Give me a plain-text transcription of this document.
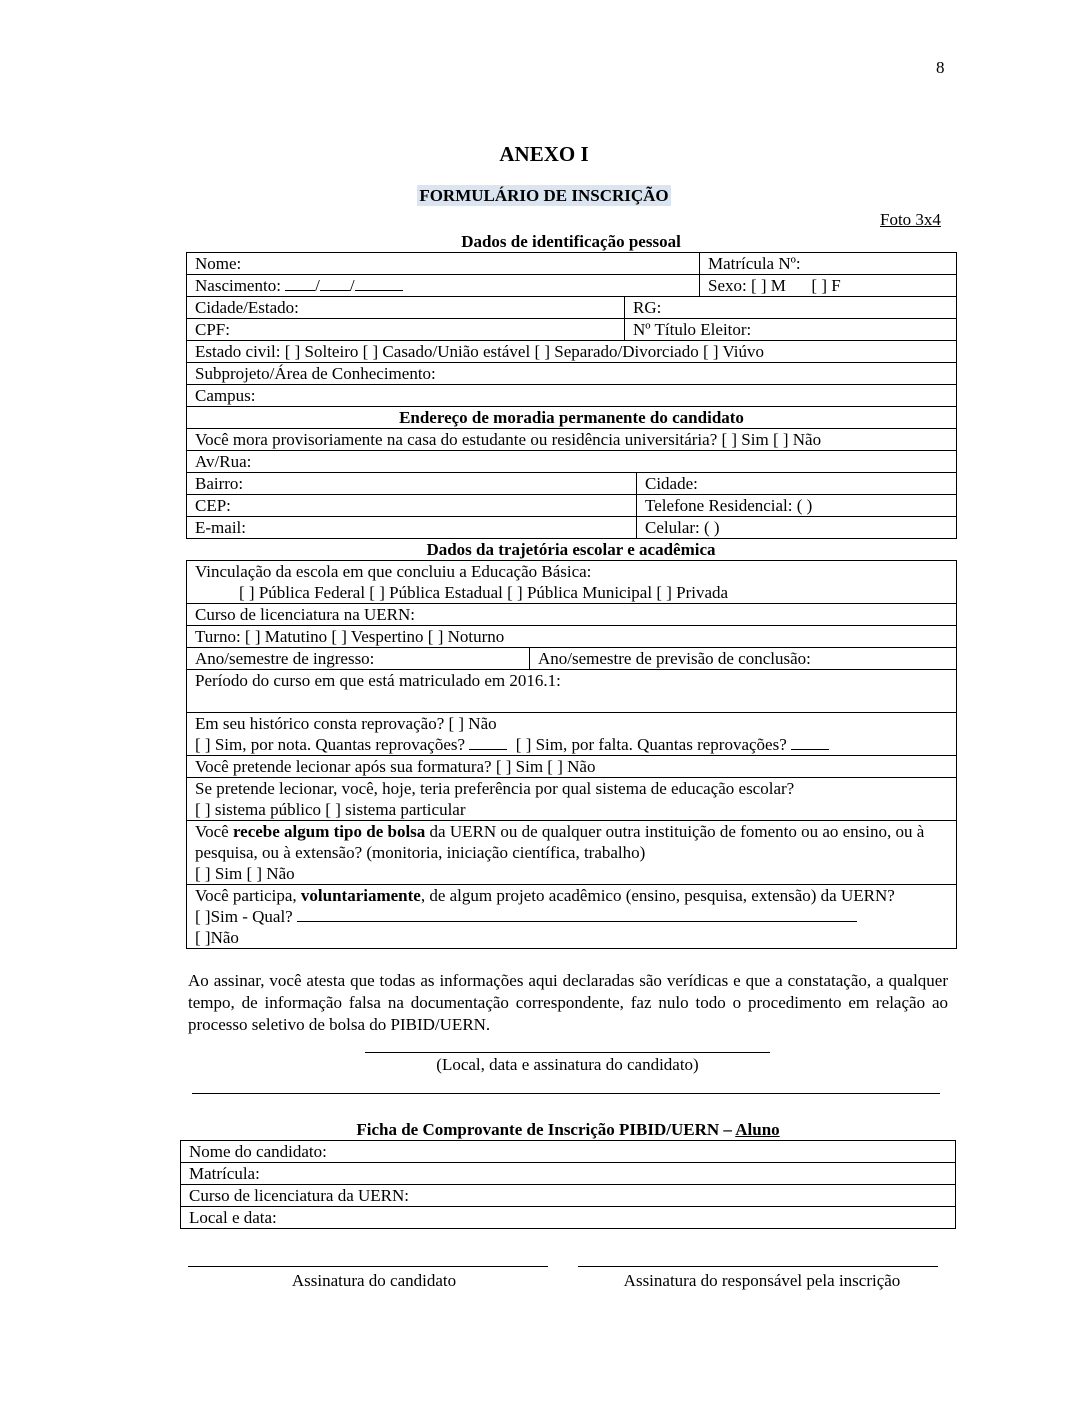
8
ANEXO I
FORMULÁRIO DE INSCRIÇÃO
Foto 3x4
Dados de identificação pessoal
Nome:	Matrícula Nº:
Nascimento: / /	Sexo: [ ] M [ ] F
Cidade/Estado:	RG:
CPF:	Nº Título Eleitor:
Estado civil: [ ] Solteiro [ ] Casado/União estável [ ] Separado/Divorciado [ ] Viúvo	
Subprojeto/Área de Conhecimento:	
Campus:	
Endereço de moradia permanente do candidato	
Você mora provisoriamente na casa do estudante ou residência universitária? [ ] Sim [ ] Não	
Av/Rua:	
Bairro:	Cidade:
CEP:	Telefone Residencial: ( )
E-mail:	Celular: ( )
Dados da trajetória escolar e acadêmica
Vinculação da escola em que concluiu a Educação Básica:
[ ] Pública Federal [ ] Pública Estadual [ ] Pública Municipal [ ] Privada

Curso de licenciatura na UERN:
Turno: [ ] Matutino [ ] Vespertino [ ] Noturno
Ano/semestre de ingresso:	Ano/semestre de previsão de conclusão:
Período do curso em que está matriculado em 2016.1:

Em seu histórico consta reprovação? [ ] Não
[ ] Sim, por nota. Quantas reprovações?	[ ] Sim, por falta. Quantas reprovações?

Você pretende lecionar após sua formatura? [ ] Sim [ ] Não

Se pretende lecionar, você, hoje, teria preferência por qual sistema de educação escolar?
[ ] sistema público [ ] sistema particular

Você recebe algum tipo de bolsa da UERN ou de qualquer outra instituição de fomento ou ao ensino, ou à pesquisa, ou à extensão? (monitoria, iniciação científica, trabalho)
[ ] Sim [ ] Não

Você participa, voluntariamente, de algum projeto acadêmico (ensino, pesquisa, extensão) da UERN?
[ ]Sim - Qual?
[ ]Não
Ao assinar, você atesta que todas as informações aqui declaradas são verídicas e que a constatação, a qualquer tempo, de informação falsa na documentação correspondente, faz nulo todo o procedimento em relação ao processo seletivo de bolsa do PIBID/UERN.
(Local, data e assinatura do candidato)
Ficha de Comprovante de Inscrição PIBID/UERN – Aluno
Nome do candidato:
Matrícula:
Curso de licenciatura da UERN:
Local e data:
Assinatura do candidato	Assinatura do responsável pela inscrição
